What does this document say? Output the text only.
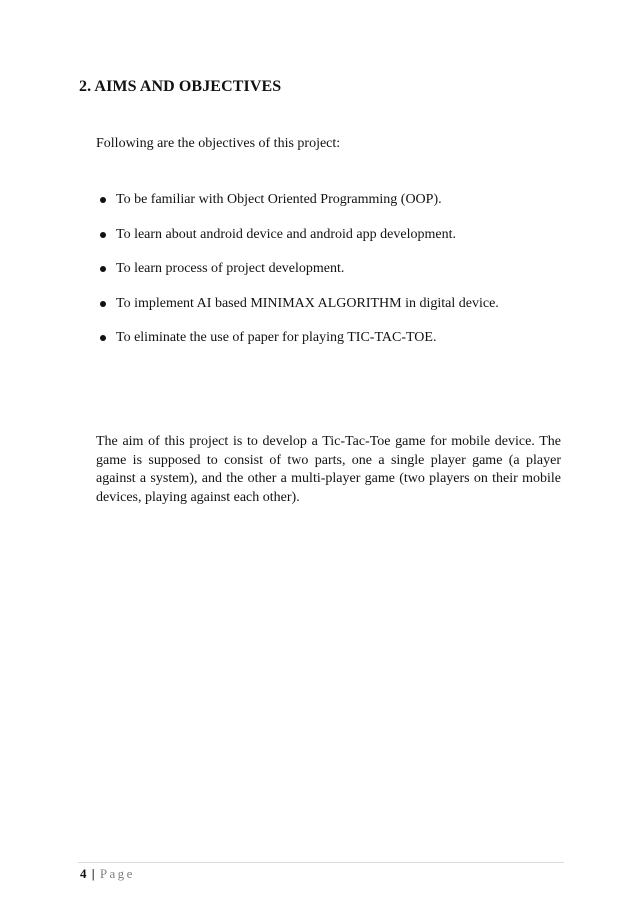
2. AIMS AND OBJECTIVES
Following are the objectives of this project:
To be familiar with Object Oriented Programming (OOP).
To learn about android device and android app development.
To learn process of project development.
To implement AI based MINIMAX ALGORITHM in digital device.
To eliminate the use of paper for playing TIC-TAC-TOE.

The aim of this project is to develop a Tic-Tac-Toe game for mobile device. The game is supposed to consist of two parts, one a single player game (a player against a system), and the other a multi-player game (two players on their mobile devices, playing against each other).

4 | Page
